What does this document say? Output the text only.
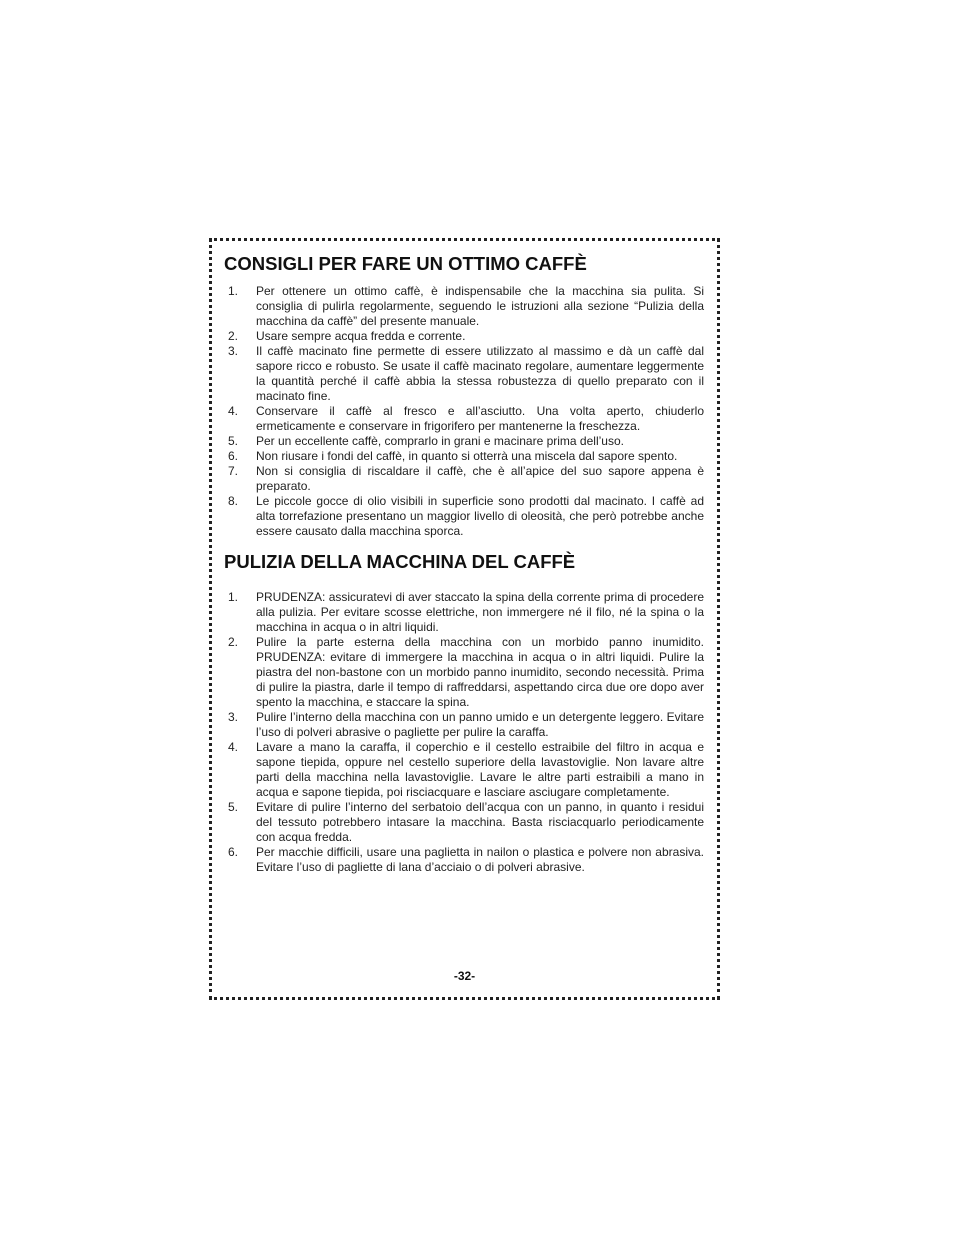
CONSIGLI PER FARE UN OTTIMO CAFFÈ
1. Per ottenere un ottimo caffè, è indispensabile che la macchina sia pulita. Si consiglia di pulirla regolarmente, seguendo le istruzioni alla sezione “Pulizia della macchina da caffè” del presente manuale.
2. Usare sempre acqua fredda e corrente.
3. Il caffè macinato fine permette di essere utilizzato al massimo e dà un caffè dal sapore ricco e robusto. Se usate il caffè macinato regolare, aumentare leggermente la quantità perché il caffè abbia la stessa robustezza di quello preparato con il macinato fine.
4. Conservare il caffè al fresco e all’asciutto. Una volta aperto, chiuderlo ermeticamente e conservare in frigorifero per mantenerne la freschezza.
5. Per un eccellente caffè, comprarlo in grani e macinare prima dell’uso.
6. Non riusare i fondi del caffè, in quanto si otterrà una miscela dal sapore spento.
7. Non si consiglia di riscaldare il caffè, che è all’apice del suo sapore appena è preparato.
8. Le piccole gocce di olio visibili in superficie sono prodotti dal macinato. I caffè ad alta torrefazione presentano un maggior livello di oleosità, che però potrebbe anche essere causato dalla macchina sporca.
PULIZIA DELLA MACCHINA DEL CAFFÈ
1. PRUDENZA: assicuratevi di aver staccato la spina della corrente prima di procedere alla pulizia. Per evitare scosse elettriche, non immergere né il filo, né la spina o la macchina in acqua o in altri liquidi.
2. Pulire la parte esterna della macchina con un morbido panno inumidito. PRUDENZA: evitare di immergere la macchina in acqua o in altri liquidi. Pulire la piastra del non-bastone con un morbido panno inumidito, secondo necessità. Prima di pulire la piastra, darle il tempo di raffreddarsi, aspettando circa due ore dopo aver spento la macchina, e staccare la spina.
3. Pulire l’interno della macchina con un panno umido e un detergente leggero. Evitare l’uso di polveri abrasive o pagliette per pulire la caraffa.
4. Lavare a mano la caraffa, il coperchio e il cestello estraibile del filtro in acqua e sapone tiepida, oppure nel cestello superiore della lavastoviglie. Non lavare altre parti della macchina nella lavastoviglie. Lavare le altre parti estraibili a mano in acqua e sapone tiepida, poi risciacquare e lasciare asciugare completamente.
5. Evitare di pulire l’interno del serbatoio dell’acqua con un panno, in quanto i residui del tessuto potrebbero intasare la macchina. Basta risciacquarlo periodicamente con acqua fredda.
6. Per macchie difficili, usare una paglietta in nailon o plastica e polvere non abrasiva. Evitare l’uso di pagliette di lana d’acciaio o di polveri abrasive.
-32-
